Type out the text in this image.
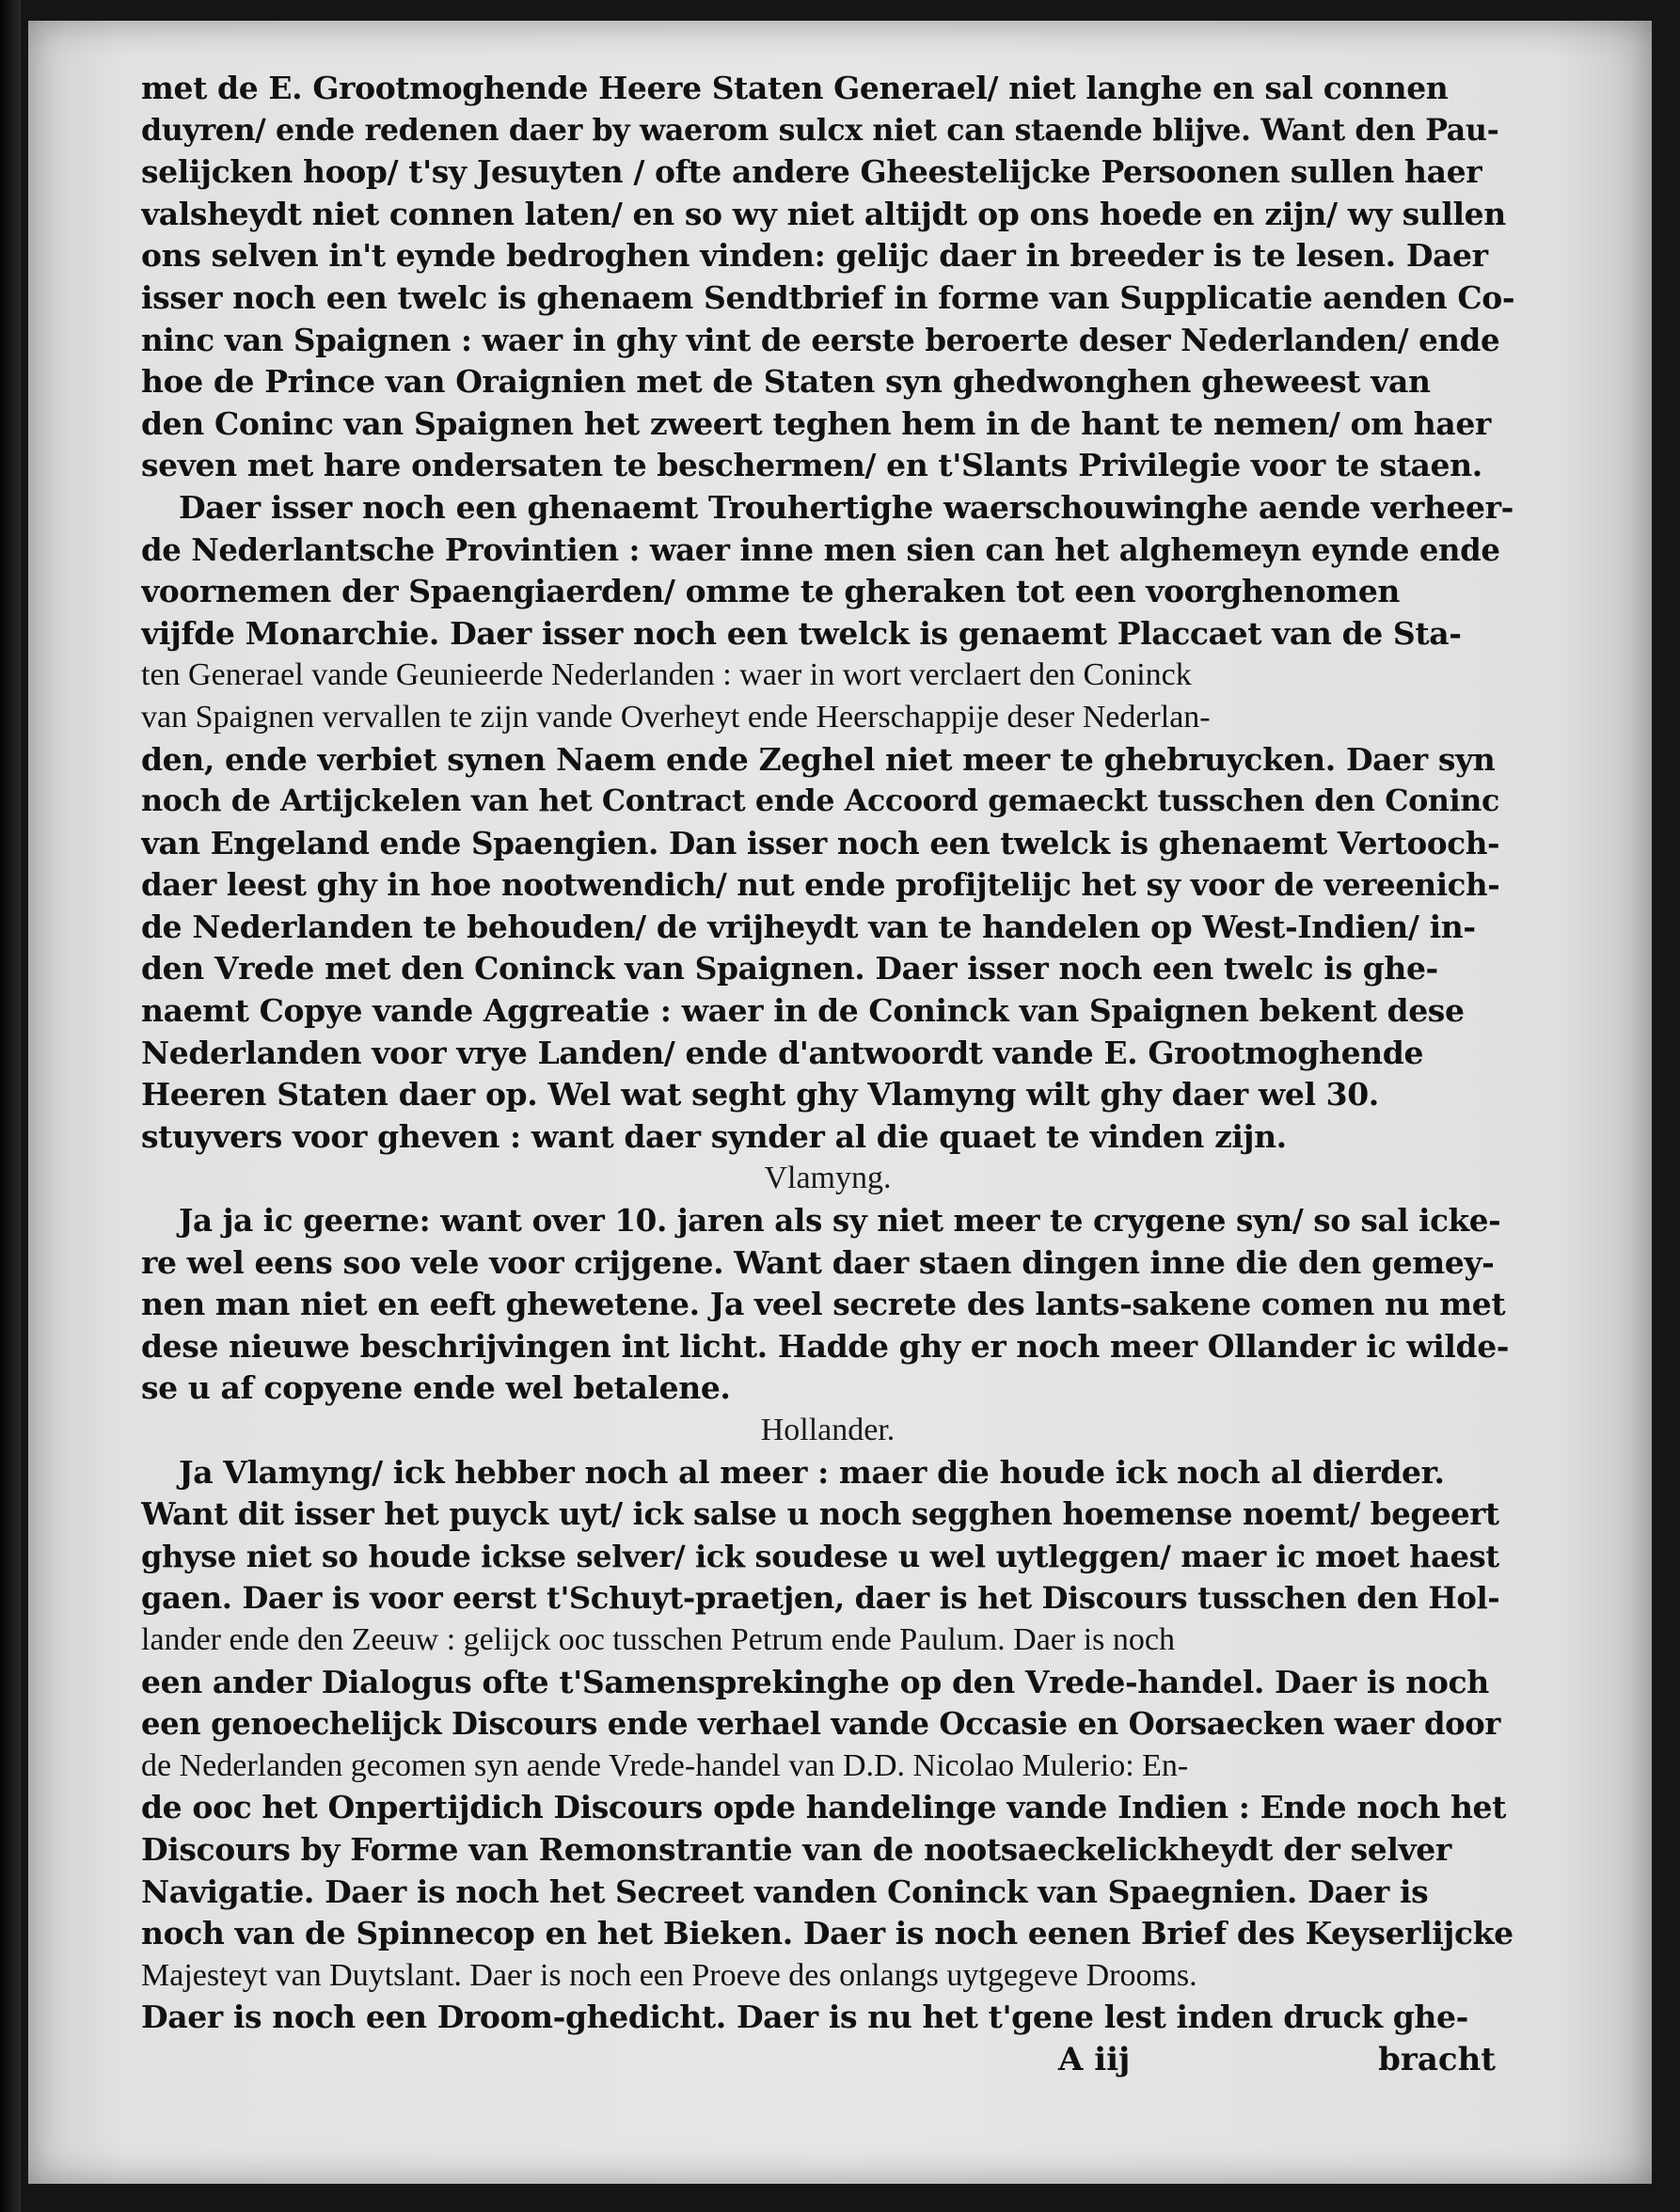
met de E. Grootmoghende Heere Staten Generael/ niet langhe en sal connen
duyren/ ende redenen daer by waerom sulcx niet can staende blijve. Want den Pau-
selijcken hoop/ t'sy Jesuyten / ofte andere Gheestelijcke Persoonen sullen haer
valsheydt niet connen laten/ en so wy niet altijdt op ons hoede en zijn/ wy sullen
ons selven in't eynde bedroghen vinden: gelijc daer in breeder is te lesen. Daer
isser noch een twelc is ghenaem Sendtbrief in forme van Supplicatie aenden Co-
ninc van Spaignen : waer in ghy vint de eerste beroerte deser Nederlanden/ ende
hoe de Prince van Oraignien met de Staten syn ghedwonghen gheweest van
den Coninc van Spaignen het zweert teghen hem in de hant te nemen/ om haer
seven met hare ondersaten te beschermen/ en t'Slants Privilegie voor te staen.
Daer isser noch een ghenaemt Trouhertighe waerschouwinghe aende verheer-
de Nederlantsche Provintien : waer inne men sien can het alghemeyn eynde ende
voornemen der Spaengiaerden/ omme te gheraken tot een voorghenomen
vijfde Monarchie. Daer isser noch een twelck is genaemt Placcaet van de Sta-
ten Generael vande Geunieerde Nederlanden : waer in wort verclaert den Coninck
van Spaignen vervallen te zijn vande Overheyt ende Heerschappije deser Nederlan-
den, ende verbiet synen Naem ende Zeghel niet meer te ghebruycken. Daer syn
noch de Artijckelen van het Contract ende Accoord gemaeckt tusschen den Coninc
van Engeland ende Spaengien. Dan isser noch een twelck is ghenaemt Vertooch-
daer leest ghy in hoe nootwendich/ nut ende profijtelijc het sy voor de vereenich-
de Nederlanden te behouden/ de vrijheydt van te handelen op West-Indien/ in-
den Vrede met den Coninck van Spaignen. Daer isser noch een twelc is ghe-
naemt Copye vande Aggreatie : waer in de Coninck van Spaignen bekent dese
Nederlanden voor vrye Landen/ ende d'antwoordt vande E. Grootmoghende
Heeren Staten daer op. Wel wat seght ghy Vlamyng wilt ghy daer wel 30.
stuyvers voor gheven : want daer synder al die quaet te vinden zijn.
Vlamyng.
Ja ja ic geerne: want over 10. jaren als sy niet meer te crygene syn/ so sal icke-
re wel eens soo vele voor crijgene. Want daer staen dingen inne die den gemey-
nen man niet en eeft ghewetene. Ja veel secrete des lants-sakene comen nu met
dese nieuwe beschrijvingen int licht. Hadde ghy er noch meer Ollander ic wilde-
se u af copyene ende wel betalene.
Hollander.
Ja Vlamyng/ ick hebber noch al meer : maer die houde ick noch al dierder.
Want dit isser het puyck uyt/ ick salse u noch segghen hoemense noemt/ begeert
ghyse niet so houde ickse selver/ ick soudese u wel uytleggen/ maer ic moet haest
gaen. Daer is voor eerst t'Schuyt-praetjen, daer is het Discours tusschen den Hol-
lander ende den Zeeuw : gelijck ooc tusschen Petrum ende Paulum. Daer is noch
een ander Dialogus ofte t'Samensprekinghe op den Vrede-handel. Daer is noch
een genoechelijck Discours ende verhael vande Occasie en Oorsaecken waer door
de Nederlanden gecomen syn aende Vrede-handel van D.D. Nicolao Mulerio: En-
de ooc het Onpertijdich Discours opde handelinge vande Indien : Ende noch het
Discours by Forme van Remonstrantie van de nootsaeckelickheydt der selver
Navigatie. Daer is noch het Secreet vanden Coninck van Spaegnien. Daer is
noch van de Spinnecop en het Bieken. Daer is noch eenen Brief des Keyserlijcke
Majesteyt van Duytslant. Daer is noch een Proeve des onlangs uytgegeve Drooms.
Daer is noch een Droom-ghedicht. Daer is nu het t'gene lest inden druck ghe-
A iij	bracht
